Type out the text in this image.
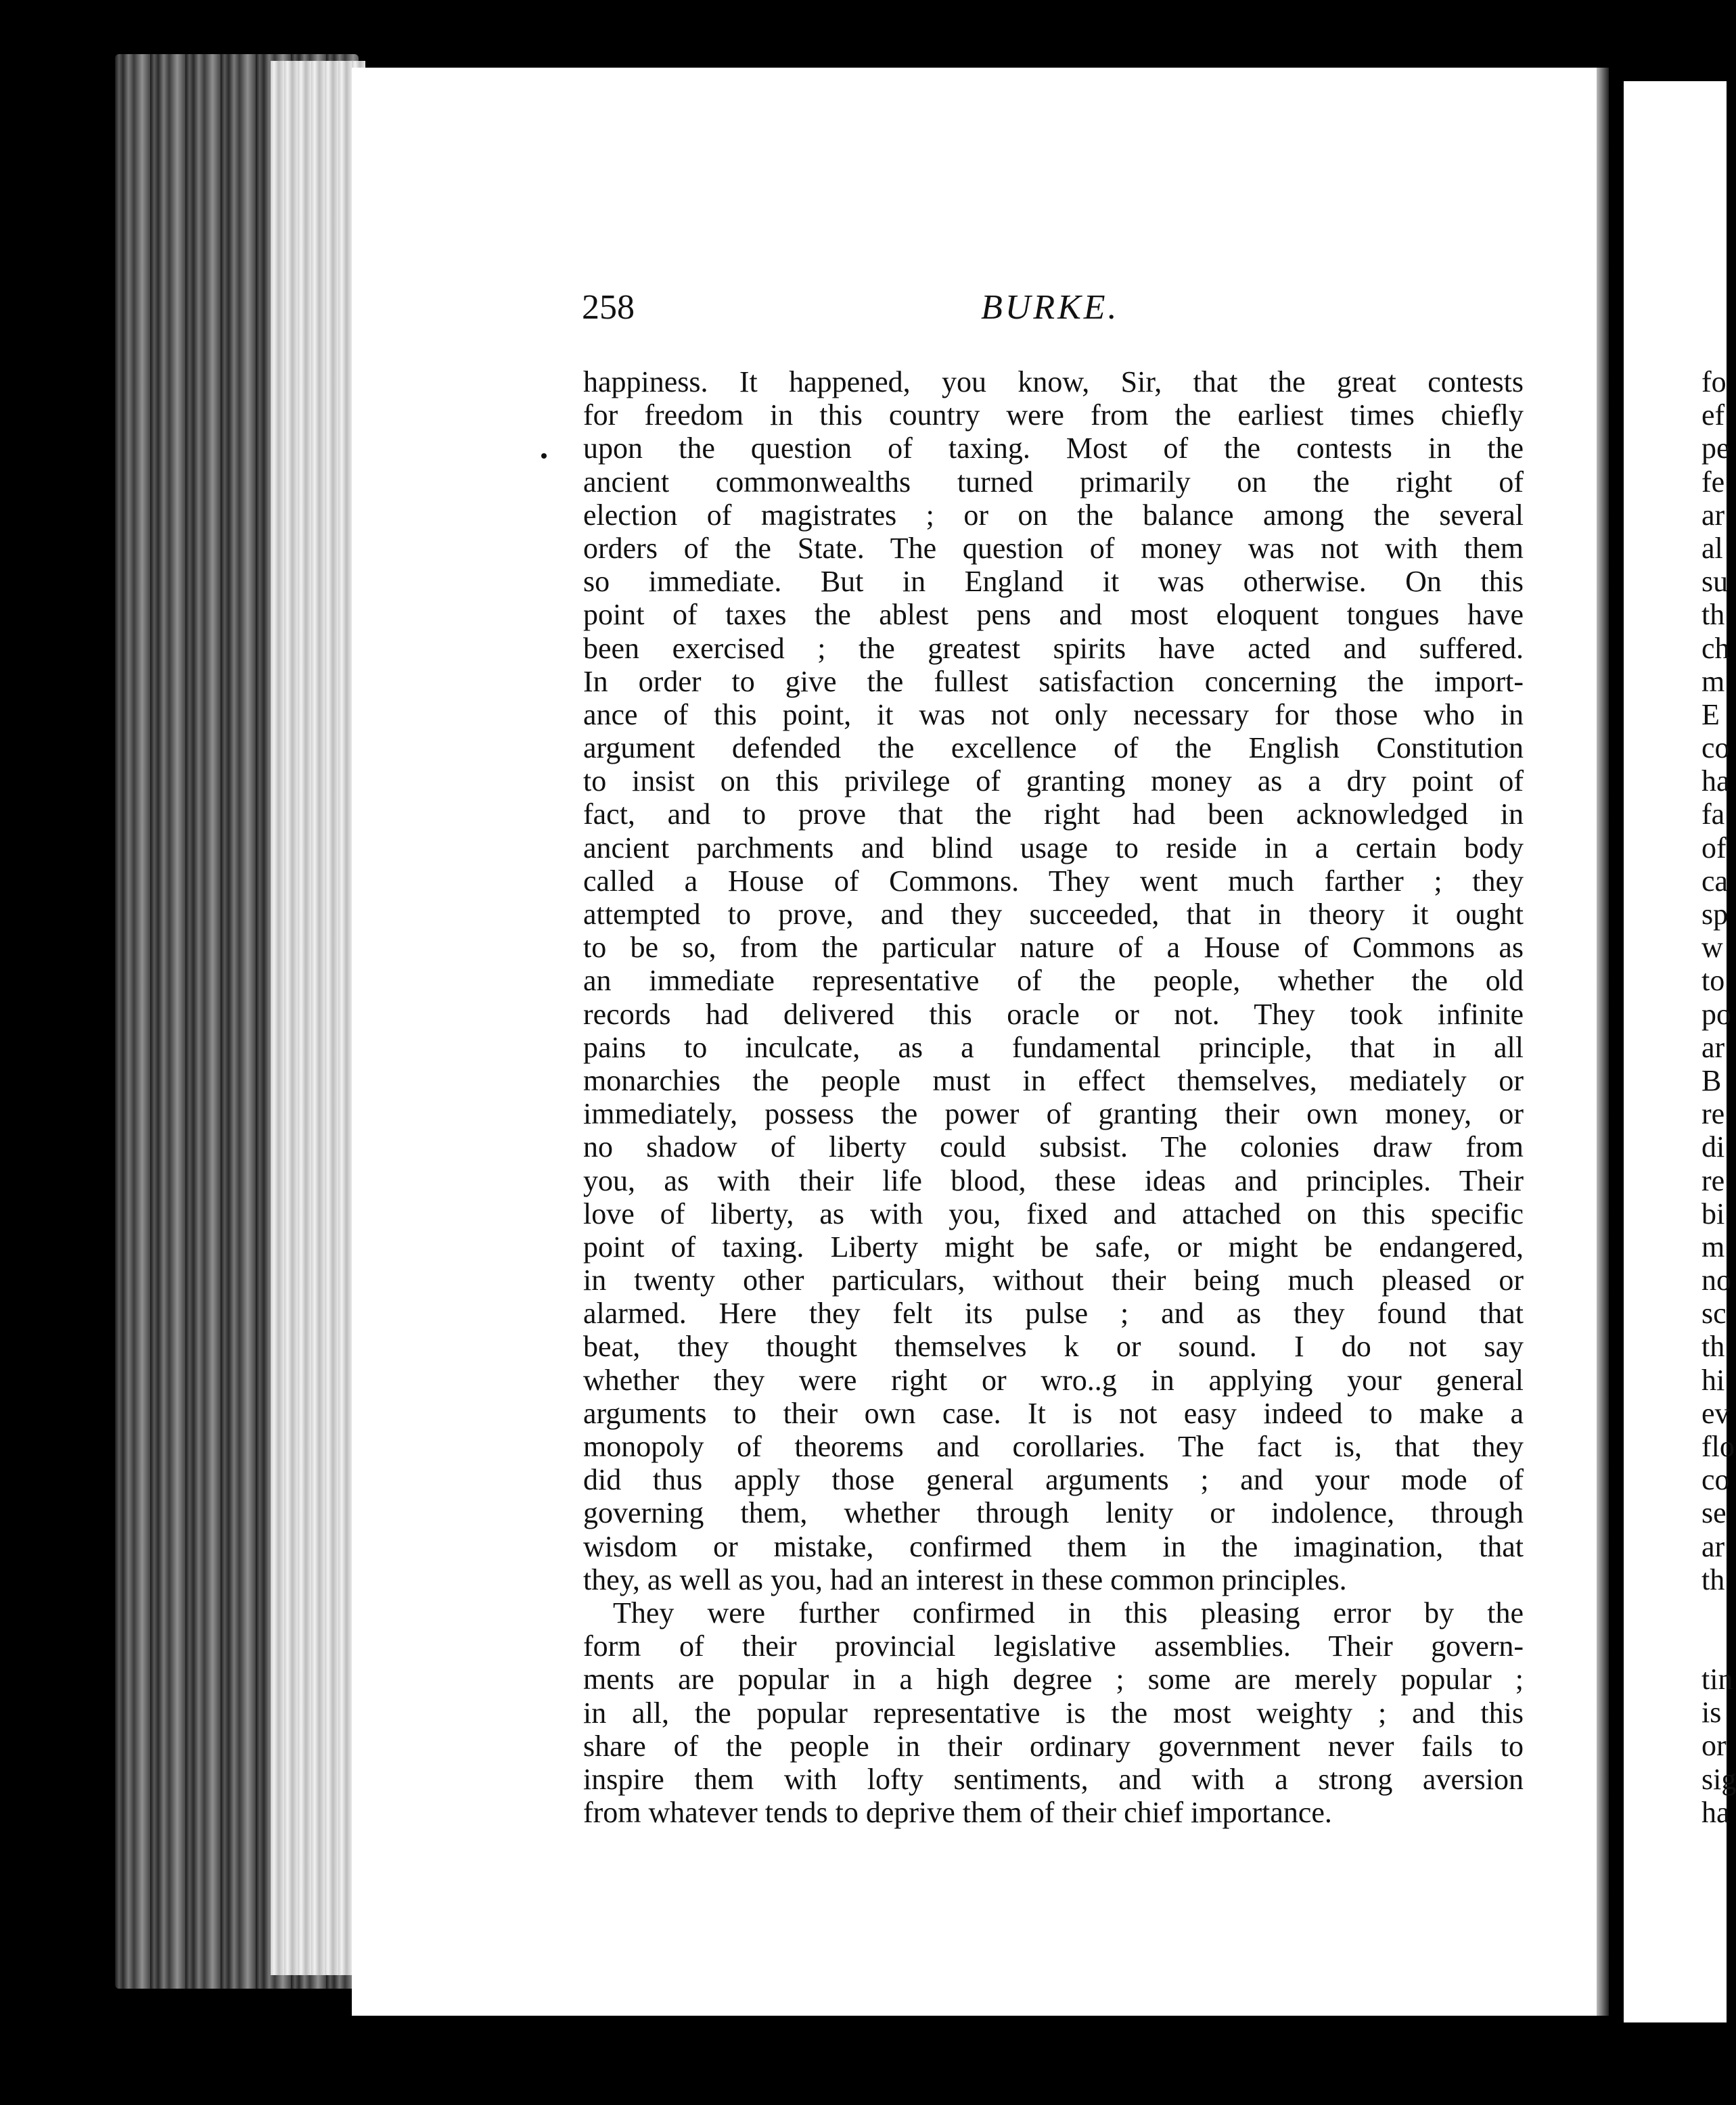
258	BURKE.
happiness. It happened, you know, Sir, that the great contests
for freedom in this country were from the earliest times chiefly
upon the question of taxing. Most of the contests in the
ancient commonwealths turned primarily on the right of
election of magistrates ; or on the balance among the several
orders of the State. The question of money was not with them
so immediate. But in England it was otherwise. On this
point of taxes the ablest pens and most eloquent tongues have
been exercised ; the greatest spirits have acted and suffered.
In order to give the fullest satisfaction concerning the import-
ance of this point, it was not only necessary for those who in
argument defended the excellence of the English Constitution
to insist on this privilege of granting money as a dry point of
fact, and to prove that the right had been acknowledged in
ancient parchments and blind usage to reside in a certain body
called a House of Commons. They went much farther ; they
attempted to prove, and they succeeded, that in theory it ought
to be so, from the particular nature of a House of Commons as
an immediate representative of the people, whether the old
records had delivered this oracle or not. They took infinite
pains to inculcate, as a fundamental principle, that in all
monarchies the people must in effect themselves, mediately or
immediately, possess the power of granting their own money, or
no shadow of liberty could subsist. The colonies draw from
you, as with their life blood, these ideas and principles. Their
love of liberty, as with you, fixed and attached on this specific
point of taxing. Liberty might be safe, or might be endangered,
in twenty other particulars, without their being much pleased or
alarmed. Here they felt its pulse ; and as they found that
beat, they thought themselves k or sound. I do not say
whether they were right or wro..g in applying your general
arguments to their own case. It is not easy indeed to make a
monopoly of theorems and corollaries. The fact is, that they
did thus apply those general arguments ; and your mode of
governing them, whether through lenity or indolence, through
wisdom or mistake, confirmed them in the imagination, that
they, as well as you, had an interest in these common principles.
They were further confirmed in this pleasing error by the
form of their provincial legislative assemblies. Their govern-
ments are popular in a high degree ; some are merely popular ;
in all, the popular representative is the most weighty ; and this
share of the people in their ordinary government never fails to
inspire them with lofty sentiments, and with a strong aversion
from whatever tends to deprive them of their chief importance.
fo
ef
pe
fe
ar
al
su
th
ch
m
E
co
ha
fa
of
ca
sp
w
to
po
ar
B
re
di
re
bi
m
no
sc
th
hi
ev
flo
co
se
ar
th
tin
is
or
sig
ha
